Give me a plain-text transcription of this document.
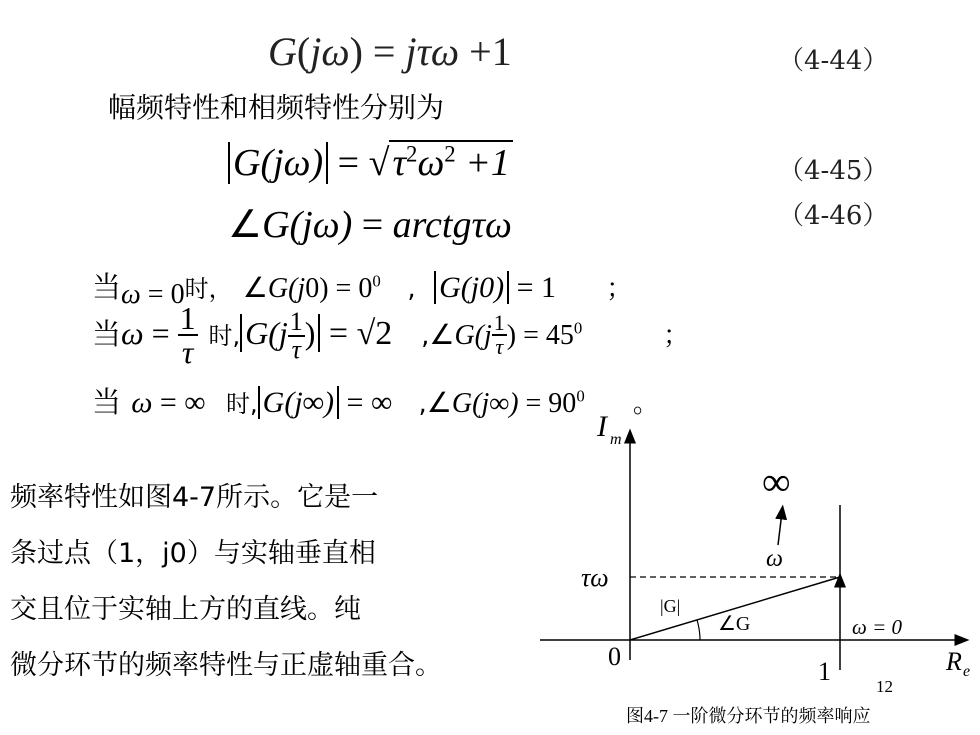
G(jω) = jτω +1	（4-44）
幅频特性和相频特性分别为
$G(j\omega) = √\tau^2\omega^2 +1$	（4-45）
∠G(jω) = arctgτω	（4-46）
当ω = 0时， ∠G(j0) = $0^0$   ,  G(j0) = 1 ；
当$\omega = \frac{1}{\tau}$ 时, $G(j \frac{1}{\tau}$ ) = √2 ,∠G(j $\frac{1}{\tau}$ ) = $45^0$	；
当 ω = ∞ 时, G(j∞) = ∞ ,∠G(j∞) = $90^0$ 。
频率特性如图4-7所示。它是一
条过点（1，j0）与实轴垂直相
交且位于实轴上方的直线。纯
微分环节的频率特性与正虚轴重合。
I m
R e
0
1
τω
∞
ω
|G|
∠G	ω = 0
12
图4-7 一阶微分环节的频率响应
